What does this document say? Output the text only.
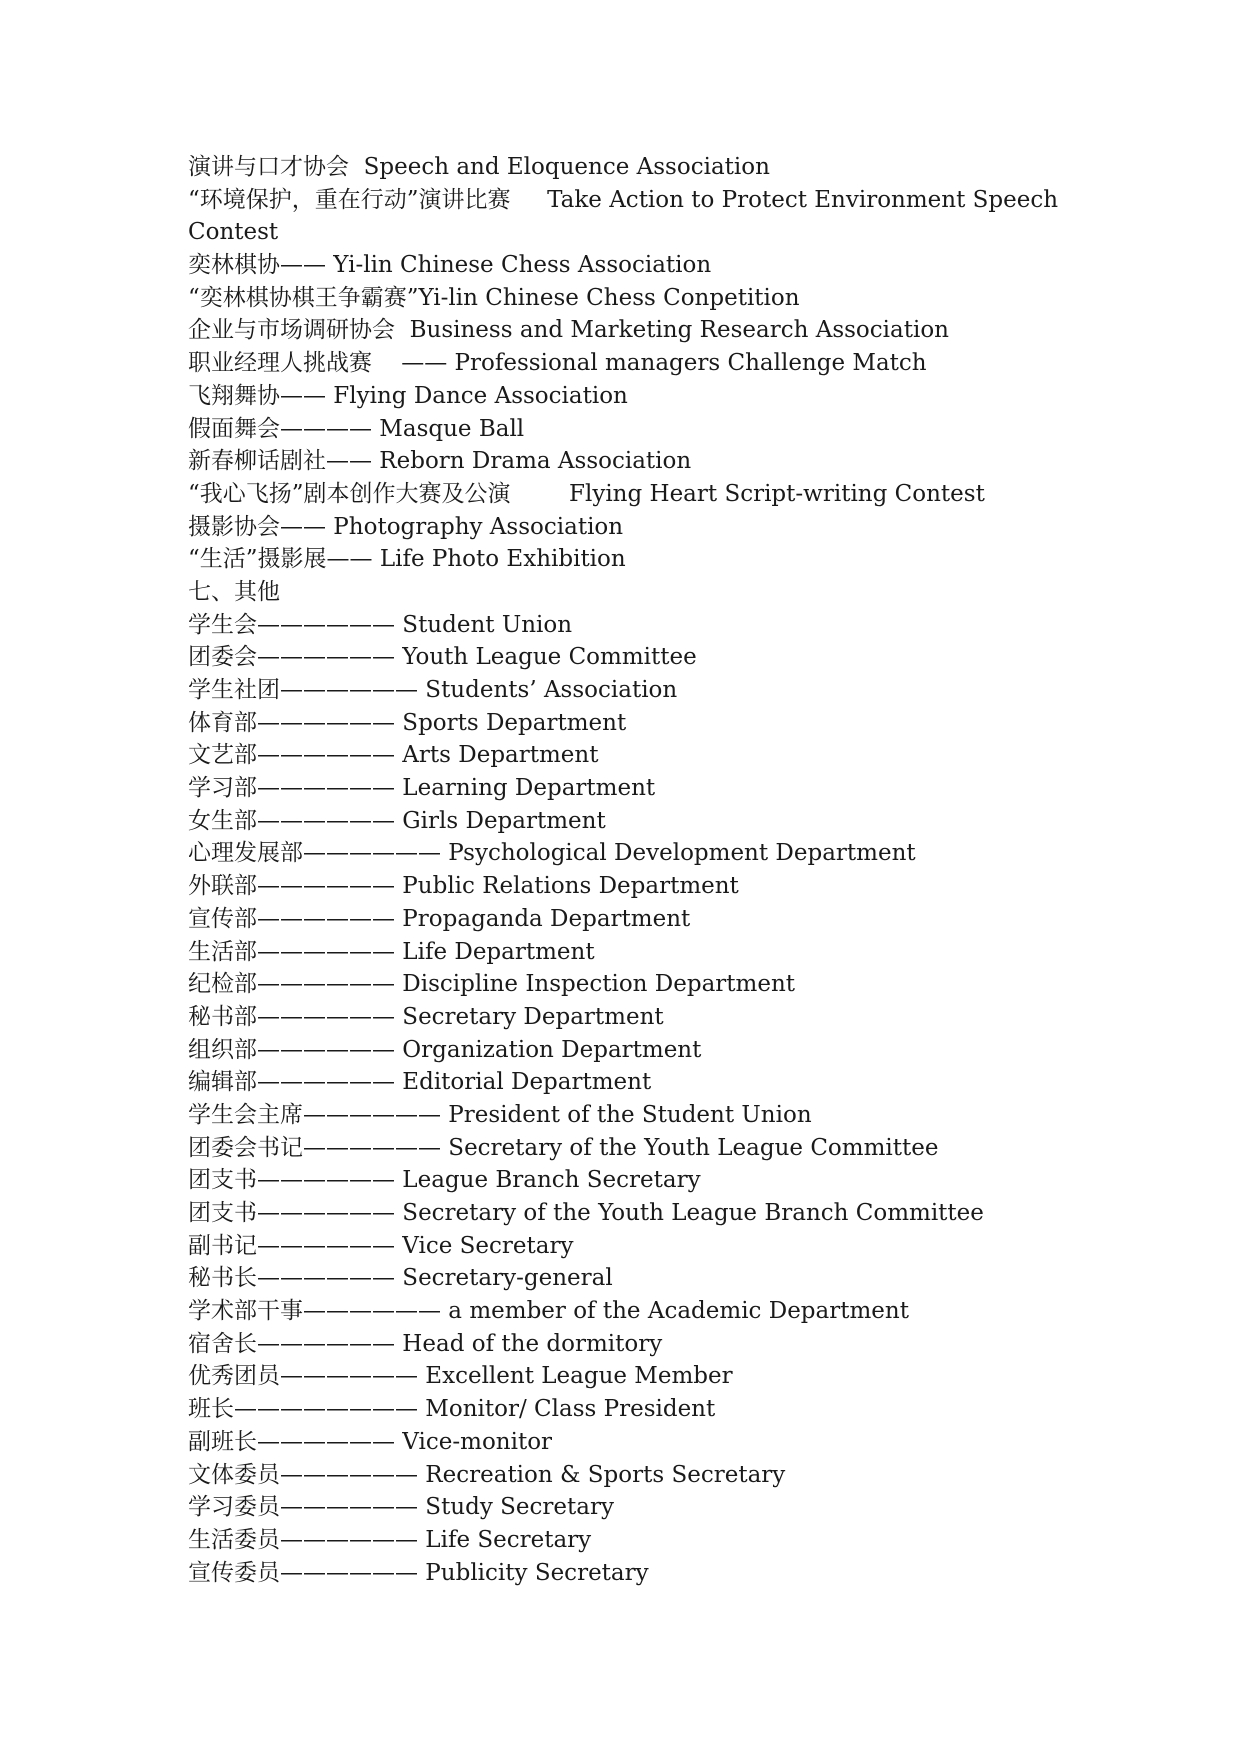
演讲与口才协会  Speech and Eloquence Association
“环境保护，重在行动”演讲比赛     Take Action to Protect Environment Speech
Contest
奕林棋协—— Yi-lin Chinese Chess Association
“奕林棋协棋王争霸赛”Yi-lin Chinese Chess Conpetition
企业与市场调研协会  Business and Marketing Research Association
职业经理人挑战赛    —— Professional managers Challenge Match
飞翔舞协—— Flying Dance Association
假面舞会———— Masque Ball
新春柳话剧社—— Reborn Drama Association
“我心飞扬”剧本创作大赛及公演        Flying Heart Script-writing Contest
摄影协会—— Photography Association
“生活”摄影展—— Life Photo Exhibition
七、其他
学生会—————— Student Union
团委会—————— Youth League Committee
学生社团—————— Students’ Association
体育部—————— Sports Department
文艺部—————— Arts Department
学习部—————— Learning Department
女生部—————— Girls Department
心理发展部—————— Psychological Development Department
外联部—————— Public Relations Department
宣传部—————— Propaganda Department
生活部—————— Life Department
纪检部—————— Discipline Inspection Department
秘书部—————— Secretary Department
组织部—————— Organization Department
编辑部—————— Editorial Department
学生会主席—————— President of the Student Union
团委会书记—————— Secretary of the Youth League Committee
团支书—————— League Branch Secretary
团支书—————— Secretary of the Youth League Branch Committee
副书记—————— Vice Secretary
秘书长—————— Secretary-general
学术部干事—————— a member of the Academic Department
宿舍长—————— Head of the dormitory
优秀团员—————— Excellent League Member
班长———————— Monitor/ Class President
副班长—————— Vice-monitor
文体委员—————— Recreation & Sports Secretary
学习委员—————— Study Secretary
生活委员—————— Life Secretary
宣传委员—————— Publicity Secretary
